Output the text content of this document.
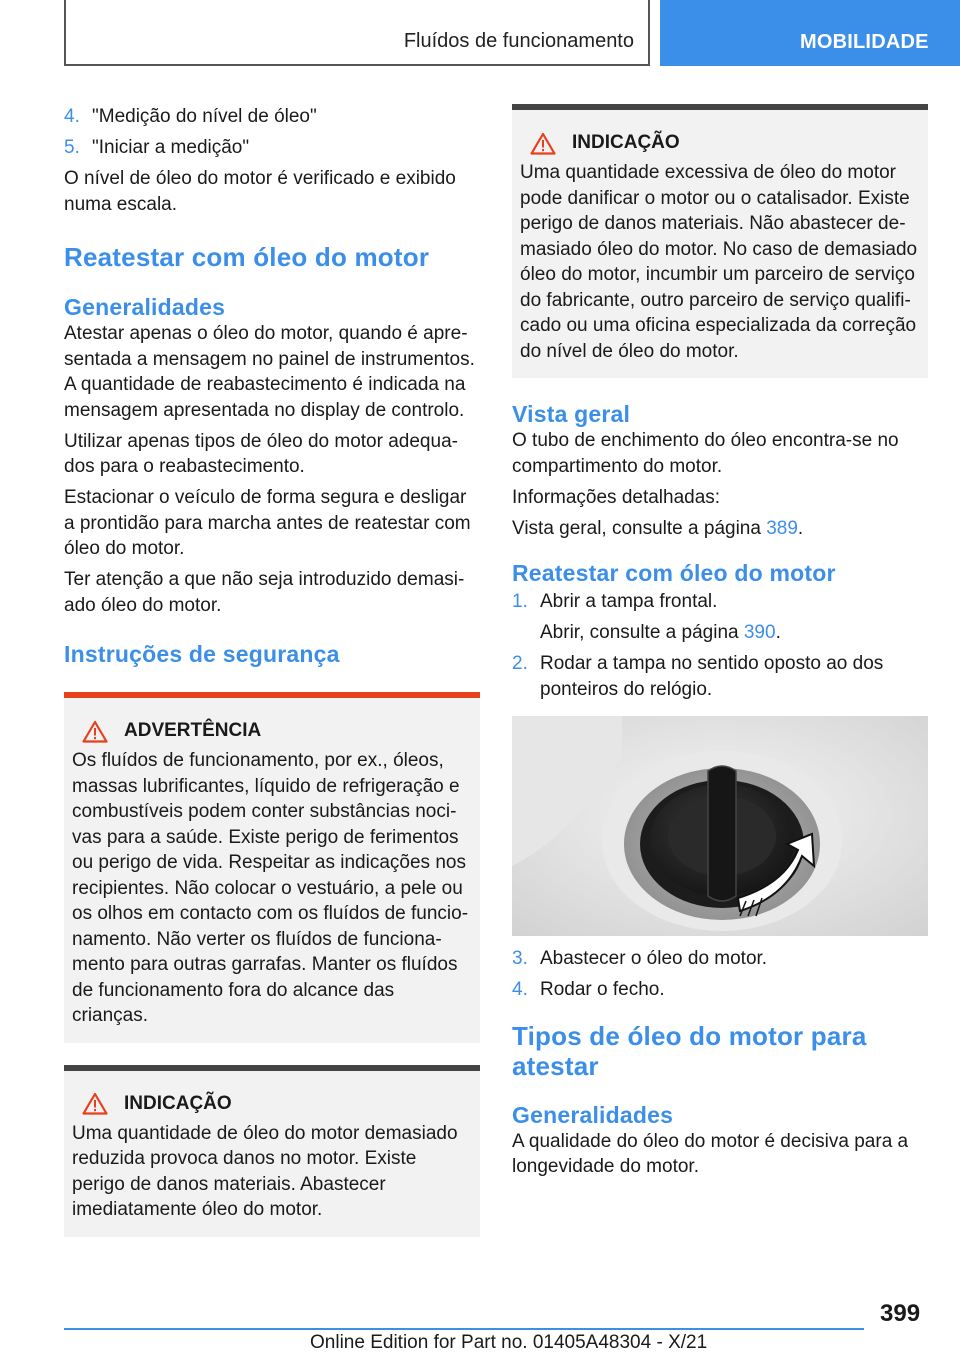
Fluídos de funcionamento	MOBILIDADE
4. "Medição do nível de óleo"
5. "Iniciar a medição"

O nível de óleo do motor é verificado e exibido numa escala.

Reatestar com óleo do motor
Generalidades

Atestar apenas o óleo do motor, quando é apresentada a mensagem no painel de instrumentos. A quantidade de reabastecimento é indicada na mensagem apresentada no display de controlo.

Utilizar apenas tipos de óleo do motor adequados para o reabastecimento.

Estacionar o veículo de forma segura e desligar a prontidão para marcha antes de reatestar com óleo do motor.

Ter atenção a que não seja introduzido demasiado óleo do motor.

Instruções de segurança
ADVERTÊNCIA

Os fluídos de funcionamento, por ex., óleos, massas lubrificantes, líquido de refrigeração e combustíveis podem conter substâncias nocivas para a saúde. Existe perigo de ferimentos ou perigo de vida. Respeitar as indicações nos recipientes. Não colocar o vestuário, a pele ou os olhos em contacto com os fluídos de funcionamento. Não verter os fluídos de funcionamento para outras garrafas. Manter os fluídos de funcionamento fora do alcance das crianças.

INDICAÇÃO

Uma quantidade de óleo do motor demasiado reduzida provoca danos no motor. Existe perigo de danos materiais. Abastecer imediatamente óleo do motor.

INDICAÇÃO

Uma quantidade excessiva de óleo do motor pode danificar o motor ou o catalisador. Existe perigo de danos materiais. Não abastecer demasiado óleo do motor. No caso de demasiado óleo do motor, incumbir um parceiro de serviço do fabricante, outro parceiro de serviço qualificado ou uma oficina especializada da correção do nível de óleo do motor.

Vista geral

O tubo de enchimento do óleo encontra-se no compartimento do motor.

Informações detalhadas:

Vista geral, consulte a página 389.

Reatestar com óleo do motor
1. Abrir a tampa frontal.

Abrir, consulte a página 390.

2. Rodar a tampa no sentido oposto ao dos ponteiros do relógio.
3. Abastecer o óleo do motor.
4. Rodar o fecho.
Tipos de óleo do motor para atestar
Generalidades

A qualidade do óleo do motor é decisiva para a longevidade do motor.

399
Online Edition for Part no. 01405A48304 - X/21
